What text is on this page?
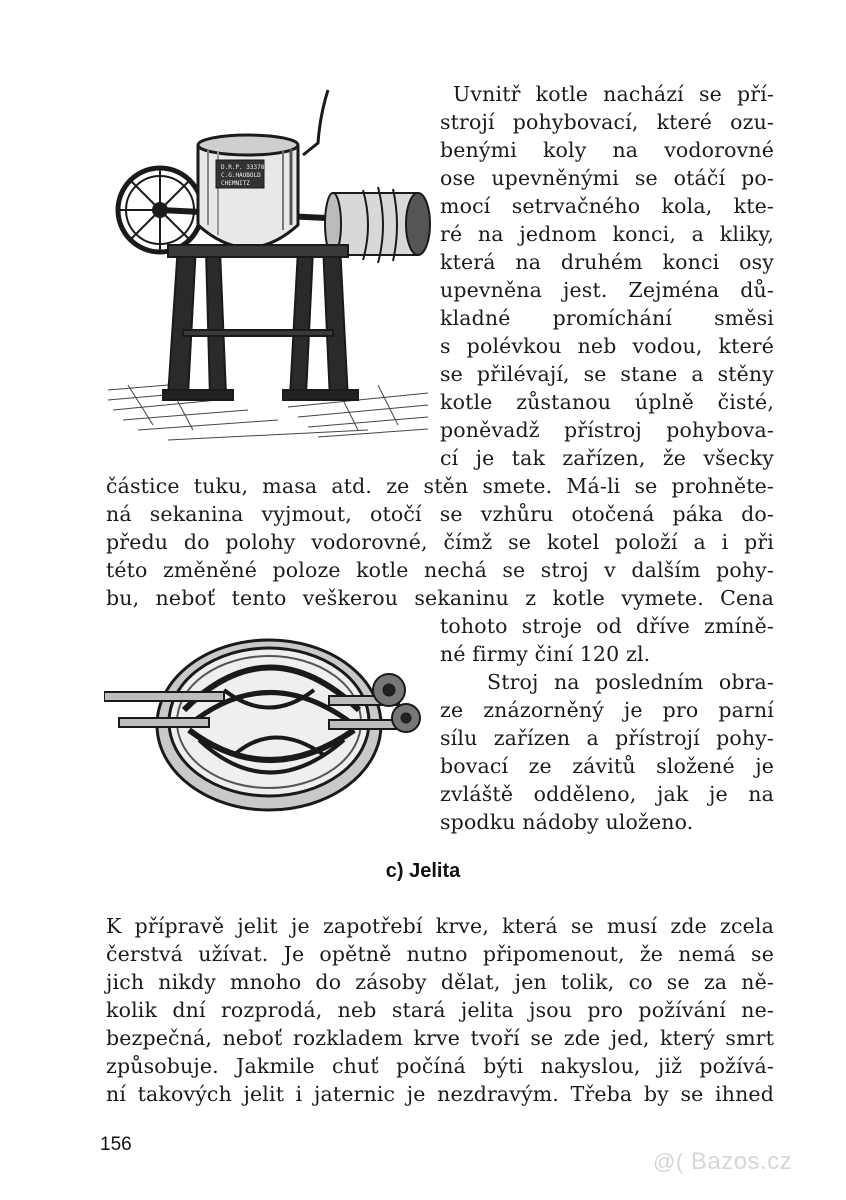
D.R.P. 33378
C.G.HAUBOLD JR.
CHEMNITZ
Uvnitř kotle nachází se pří-
strojí pohybovací, které ozu-
benými koly na vodorovné
ose upevněnými se otáčí po-
mocí setrvačného kola, kte-
ré na jednom konci, a kliky,
která na druhém konci osy
upevněna jest. Zejména dů-
kladné promíchání směsi
s polévkou neb vodou, které
se přilévají, se stane a stěny
kotle zůstanou úplně čisté,
poněvadž přístroj pohybova-
cí je tak zařízen, že všecky
částice tuku, masa atd. ze stěn smete. Má-li se prohněte-
ná sekanina vyjmout, otočí se vzhůru otočená páka do-
předu do polohy vodorovné, čímž se kotel položí a i při
této změněné poloze kotle nechá se stroj v dalším pohy-
bu, neboť tento veškerou sekaninu z kotle vymete. Cena
tohoto stroje od dříve zmíně-
né firmy činí 120 zl.
Stroj na posledním obra-
ze znázorněný je pro parní
sílu zařízen a přístrojí pohy-
bovací ze závitů složené je
zvláště odděleno, jak je na
spodku nádoby uloženo.
c) Jelita
K přípravě jelit je zapotřebí krve, která se musí zde zcela
čerstvá užívat. Je opětně nutno připomenout, že nemá se
jich nikdy mnoho do zásoby dělat, jen tolik, co se za ně-
kolik dní rozprodá, neb stará jelita jsou pro požívání ne-
bezpečná, neboť rozkladem krve tvoří se zde jed, který smrt
způsobuje. Jakmile chuť počíná býti nakyslou, již požívá-
ní takových jelit i jaternic je nezdravým. Třeba by se ihned
156
@( Bazos.cz
